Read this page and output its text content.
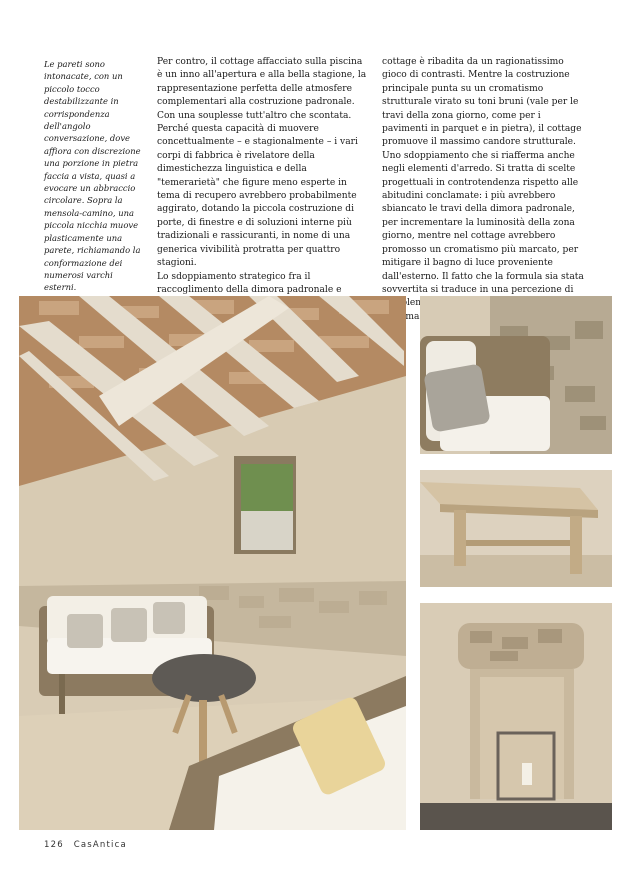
Le pareti sono intonacate, con un piccolo tocco destabilizzante in corrispondenza dell'angolo conversazione, dove affiora con discrezione una porzione in pietra faccia a vista, quasi a evocare un abbraccio circolare. Sopra la mensola-camino, una piccola nicchia muove plasticamente una parete, richiamando la conformazione dei numerosi varchi esterni.

Per contro, il cottage affacciato sulla piscina è un inno all'apertura e alla bella stagione, la rappresentazione perfetta delle atmosfere complementari alla costruzione padronale. Con una souplesse tutt'altro che scontata.

Perché questa capacità di muovere concettualmente – e stagionalmente – i vari corpi di fabbrica è rivelatore della dimestichezza linguistica e della "temerarietà" che figure meno esperte in tema di recupero avrebbero probabilmente aggirato, dotando la piccola costruzione di porte, di finestre e di soluzioni interne più tradizionali e rassicuranti, in nome di una generica vivibilità protratta per quattro stagioni.

Lo sdoppiamento strategico fra il raccoglimento della dimora padronale e

cottage è ribadita da un ragionatissimo gioco di contrasti. Mentre la costruzione principale punta su un cromatismo strutturale virato su toni bruni (vale per le travi della zona giorno, come per i pavimenti in parquet e in pietra), il cottage promuove il massimo candore strutturale. Uno sdoppiamento che si riafferma anche negli elementi d'arredo. Si tratta di scelte progettuali in controtendenza rispetto alle abitudini conclamate: i più avrebbero sbiancato le travi della dimora padronale, per incrementare la luminosità della zona giorno, mentre nel cottage avrebbero promosso un cromatismo più marcato, per mitigare il bagno di luce proveniente dall'esterno. Il fatto che la formula sia stata sovvertita si traduce in una percezione di

126 CasAntica
